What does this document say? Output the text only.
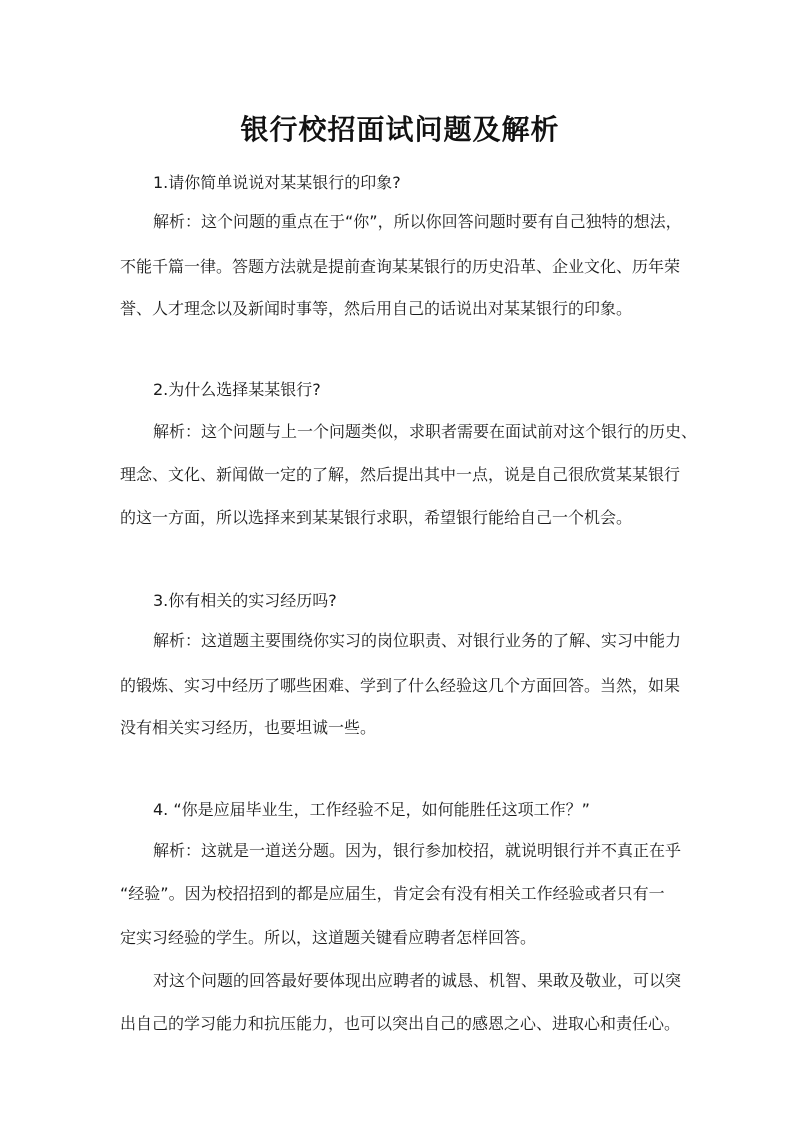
银行校招面试问题及解析
1.请你简单说说对某某银行的印象?
解析：这个问题的重点在于“你”，所以你回答问题时要有自己独特的想法，
不能千篇一律。答题方法就是提前查询某某银行的历史沿革、企业文化、历年荣
誉、人才理念以及新闻时事等，然后用自己的话说出对某某银行的印象。
2.为什么选择某某银行?
解析：这个问题与上一个问题类似，求职者需要在面试前对这个银行的历史、
理念、文化、新闻做一定的了解，然后提出其中一点，说是自己很欣赏某某银行
的这一方面，所以选择来到某某银行求职，希望银行能给自己一个机会。
3.你有相关的实习经历吗?
解析：这道题主要围绕你实习的岗位职责、对银行业务的了解、实习中能力
的锻炼、实习中经历了哪些困难、学到了什么经验这几个方面回答。当然，如果
没有相关实习经历，也要坦诚一些。
4. “你是应届毕业生，工作经验不足，如何能胜任这项工作？”
解析：这就是一道送分题。因为，银行参加校招，就说明银行并不真正在乎
“经验”。因为校招招到的都是应届生，肯定会有没有相关工作经验或者只有一
定实习经验的学生。所以，这道题关键看应聘者怎样回答。
对这个问题的回答最好要体现出应聘者的诚恳、机智、果敢及敬业，可以突
出自己的学习能力和抗压能力，也可以突出自己的感恩之心、进取心和责任心。
